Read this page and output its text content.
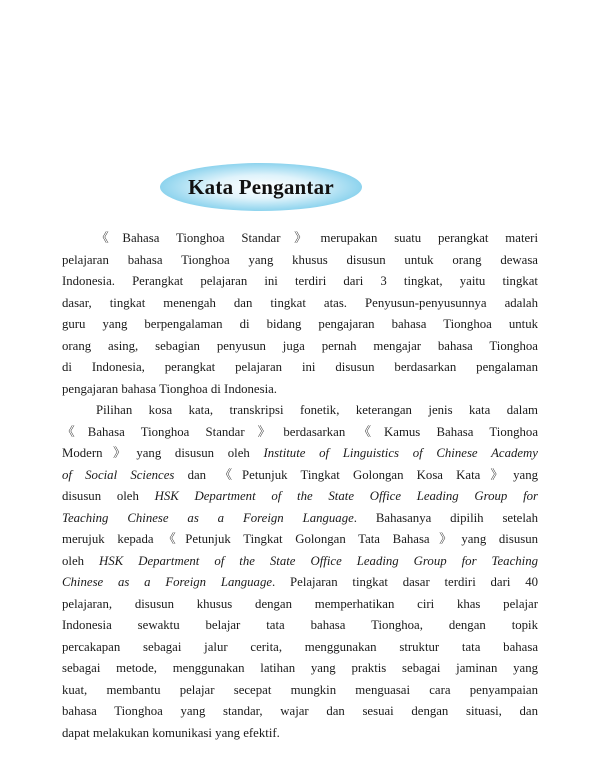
Kata Pengantar
《Bahasa Tionghoa Standar》merupakan suatu perangkat materi
pelajaran bahasa Tionghoa yang khusus disusun untuk orang dewasa
Indonesia. Perangkat pelajaran ini terdiri dari 3 tingkat, yaitu tingkat
dasar, tingkat menengah dan tingkat atas. Penyusun-penyusunnya adalah
guru yang berpengalaman di bidang pengajaran bahasa Tionghoa untuk
orang asing, sebagian penyusun juga pernah mengajar bahasa Tionghoa
di Indonesia, perangkat pelajaran ini disusun berdasarkan pengalaman
pengajaran bahasa Tionghoa di Indonesia.
Pilihan kosa kata, transkripsi fonetik, keterangan jenis kata dalam
《Bahasa Tionghoa Standar》berdasarkan《Kamus Bahasa Tionghoa
Modern》yang disusun oleh Institute of Linguistics of Chinese Academy
of Social Sciences dan 《Petunjuk Tingkat Golongan Kosa Kata》yang
disusun oleh HSK Department of the State Office Leading Group for
Teaching Chinese as a Foreign Language. Bahasanya dipilih setelah
merujuk kepada《Petunjuk Tingkat Golongan Tata Bahasa》yang disusun
oleh HSK Department of the State Office Leading Group for Teaching
Chinese as a Foreign Language. Pelajaran tingkat dasar terdiri dari 40
pelajaran, disusun khusus dengan memperhatikan ciri khas pelajar
Indonesia sewaktu belajar tata bahasa Tionghoa, dengan topik
percakapan sebagai jalur cerita, menggunakan struktur tata bahasa
sebagai metode, menggunakan latihan yang praktis sebagai jaminan yang
kuat, membantu pelajar secepat mungkin menguasai cara penyampaian
bahasa Tionghoa yang standar, wajar dan sesuai dengan situasi, dan
dapat melakukan komunikasi yang efektif.
